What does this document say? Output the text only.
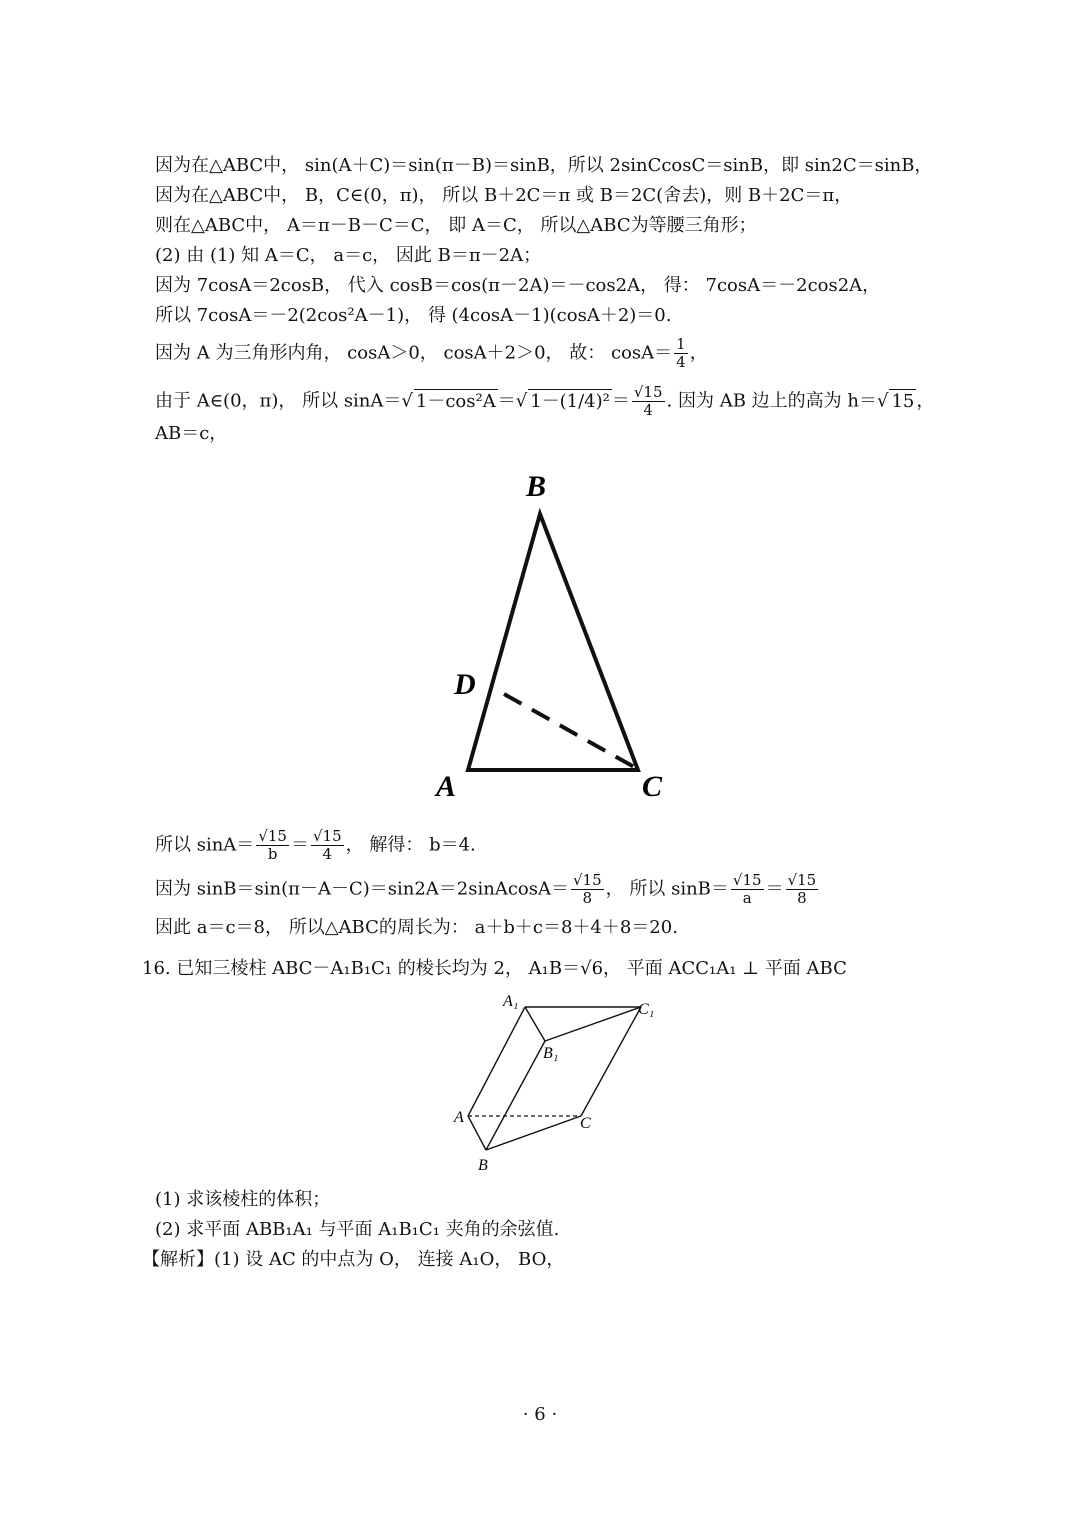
因为在△ABC中， sin(A＋C)＝sin(π－B)＝sinB，所以 2sinCcosC＝sinB，即 sin2C＝sinB，
因为在△ABC中， B，C∈(0，π)， 所以 B＋2C＝π 或 B＝2C(舍去)，则 B＋2C＝π，
则在△ABC中， A＝π－B－C＝C， 即 A＝C， 所以△ABC为等腰三角形；
(2) 由 (1) 知 A＝C， a＝c， 因此 B＝π－2A；
因为 7cosA＝2cosB， 代入 cosB＝cos(π－2A)＝－cos2A， 得： 7cosA＝－2cos2A，
所以 7cosA＝－2(2cos²A－1)， 得 (4cosA－1)(cosA＋2)＝0.
因为 A 为三角形内角， cosA＞0， cosA＋2＞0， 故： $\cos A= \frac{1}{4}$ ，
由于 A∈(0，π)， 所以 sinA＝√ 1－cos²A ＝√ $1-(1/4)^2 = \frac{√15}{4}$ . 因为 AB 边上的高为 h＝√ 15 ，
AB＝c，
B
D
A	C
所以 $\sin A= \frac{√15}{b} = \frac{√15}{4}$ ， 解得： b＝4.
因为 sinB＝sin(π－A－C)＝sin2A＝2sinAcosA＝ $\frac{√15}{8}$ ， 所以 $\sin B= \frac{√15}{a} = \frac{√15}{8}$
因此 a＝c＝8， 所以△ABC的周长为： a＋b＋c＝8＋4＋8＝20.
16. 已知三棱柱 ABC－A₁B₁C₁ 的棱长均为 2， A₁B＝√6， 平面 ACC₁A₁ ⊥ 平面 ABC
A₁	C₁
B₁
A	C
B
(1) 求该棱柱的体积；
(2) 求平面 ABB₁A₁ 与平面 A₁B₁C₁ 夹角的余弦值.
【解析】(1) 设 AC 的中点为 O， 连接 A₁O， BO，
· 6 ·
